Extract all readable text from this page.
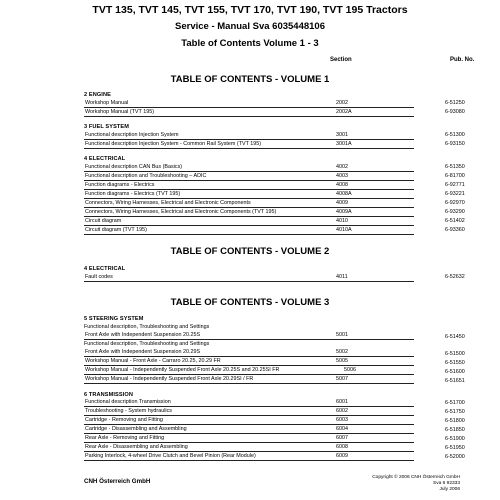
TVT 135, TVT 145, TVT 155, TVT 170, TVT 190, TVT 195 Tractors
Service - Manual Sva 6035448106
Table of Contents Volume 1 - 3
Section	Pub. No.
TABLE OF CONTENTS - VOLUME 1
2 ENGINE
Workshop Manual	2002	6-51250
Workshop Manual (TVT 195)	2002A	6-93080
3 FUEL SYSTEM
Functional description Injection System	3001	6-51300
Functional description Injection System - Common Rail System (TVT 195)	3001A	6-93150
4 ELECTRICAL
Functional description CAN Bus (Basics)	4002	6-51350
Functional description and Troubleshooting – ADIC	4003	6-81700
Function diagrams - Electrics	4008	6-92771
Function diagrams - Electrics (TVT 195)	4008A	6-93221
Connectors, Wiring Harnesses, Electrical and Electronic Components	4009	6-92970
Connectors, Wiring Harnesses, Electrical and Electronic Components (TVT 195)	4009A	6-93290
Circuit diagram	4010	6-51402
Circuit diagram (TVT 195)	4010A	6-93360
TABLE OF CONTENTS - VOLUME 2
4 ELECTRICAL
Fault codes	4011	6-52632
TABLE OF CONTENTS - VOLUME 3
5 STEERING SYSTEM
Functional description, Troubleshooting and Settings
Front Axle with Independent Suspension 20.25S	5001	6-51450
Functional description, Troubleshooting and Settings
Front Axle with Independent Suspension 20.29S	5002	6-51500
Workshop Manual - Front Axle - Carraro 20.25, 20.29 FR	5005	6-51550
Workshop Manual - Independently Suspended Front Axle 20.25S and 20.25SI FR	5006	6-51600
Workshop Manual - Independently Suspended Front Axle 20.29SI / FR	5007	6-51651
6 TRANSMISSION
Functional description Transmission	6001	6-51700
Troubleshooting - System hydraulics	6002	6-51750
Cartridge - Removing and Fitting	6003	6-51800
Cartridge - Disassembling and Assembling	6004	6-51850
Rear Axle - Removing and Fitting	6007	6-51900
Rear Axle - Disassembling and Assembling	6008	6-51950
Parking Interlock, 4-wheel Drive Clutch and Bevel Pinion (Rear Module)	6009	6-52000
CNH Österreich GmbH
Copyright © 2006 CNH Österreich GmbH
Sva 6 92333
July 2006
